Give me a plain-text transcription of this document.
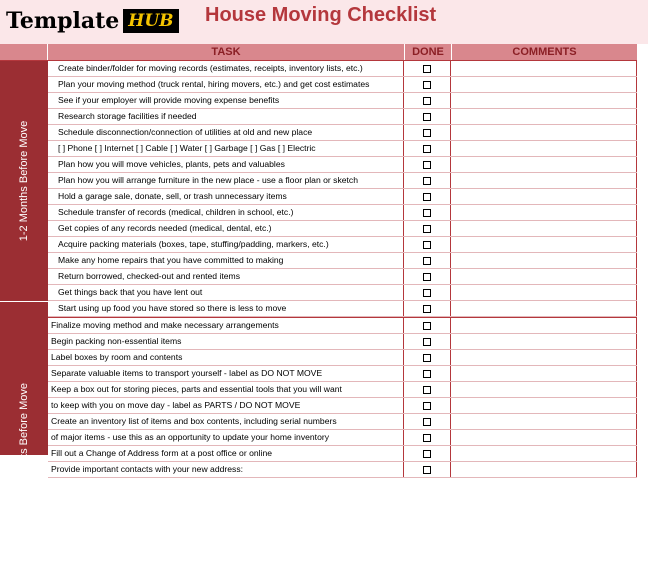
Template HUB House Moving Checklist
TASK	DONE	COMMENTS
1-2 Months Before Move
4 Weeks Before Move
Create binder/folder for moving records (estimates, receipts, inventory lists, etc.)
Plan your moving method (truck rental, hiring movers, etc.) and get cost estimates
See if your employer will provide moving expense benefits
Research storage facilities if needed
Schedule disconnection/connection of utilities at old and new place
[ ] Phone [ ] Internet [ ] Cable [ ] Water [ ] Garbage [ ] Gas [ ] Electric
Plan how you will move vehicles, plants, pets and valuables
Plan how you will arrange furniture in the new place - use a floor plan or sketch
Hold a garage sale, donate, sell, or trash unnecessary items
Schedule transfer of records (medical, children in school, etc.)
Get copies of any records needed (medical, dental, etc.)
Acquire packing materials (boxes, tape, stuffing/padding, markers, etc.)
Make any home repairs that you have committed to making
Return borrowed, checked-out and rented items
Get things back that you have lent out
Start using up food you have stored so there is less to move
Finalize moving method and make necessary arrangements
Begin packing non-essential items
Label boxes by room and contents
Separate valuable items to transport yourself - label as DO NOT MOVE
Keep a box out for storing pieces, parts and essential tools that you will want
to keep with you on move day - label as PARTS / DO NOT MOVE
Create an inventory list of items and box contents, including serial numbers
of major items - use this as an opportunity to update your home inventory
Fill out a Change of Address form at a post office or online
Provide important contacts with your new address:
